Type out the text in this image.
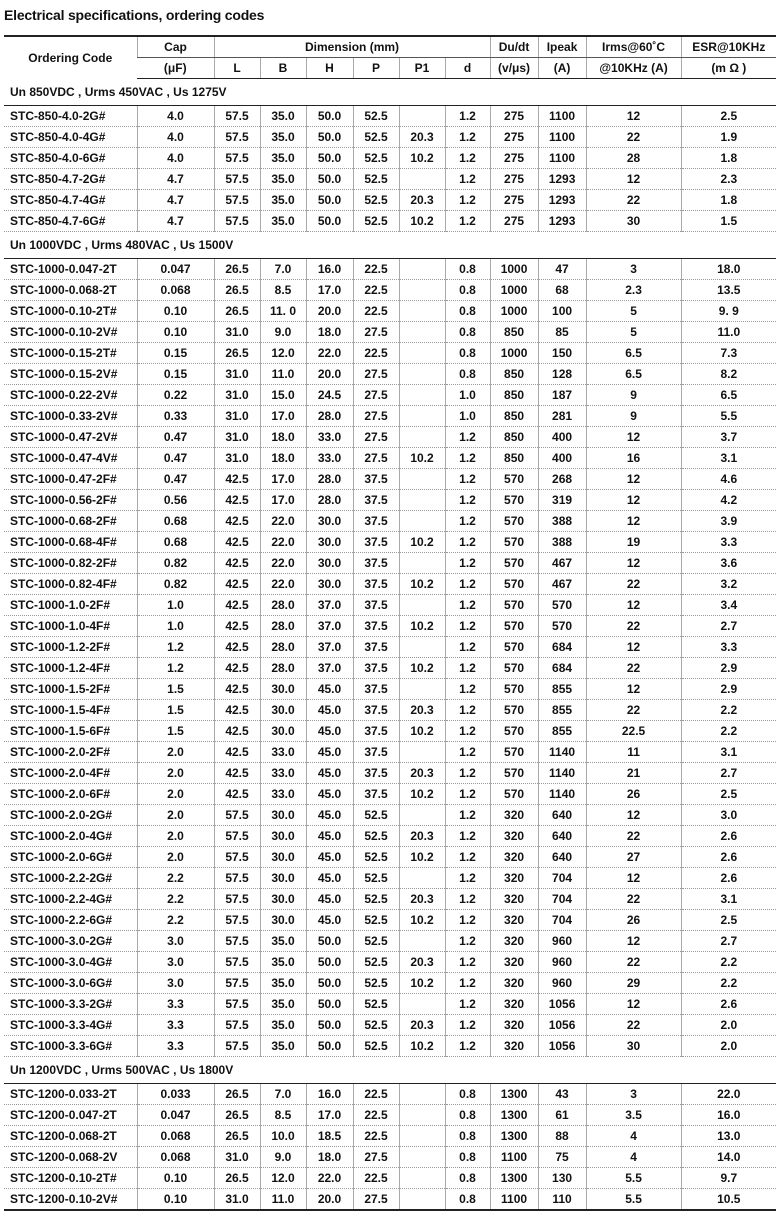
Electrical specifications, ordering codes
Ordering Code	Cap	Dimension (mm)						Du/dt	Ipeak	Irms@60˚C	ESR@10KHz
	(μF)	L	B	H	P	P1	d	(v/μs)	(A)	@10KHz (A)	(m Ω )
Un 850VDC , Urms 450VAC , Us 1275V											
STC-850-4.0-2G#	4.0	57.5	35.0	50.0	52.5		1.2	275	1100	12	2.5
STC-850-4.0-4G#	4.0	57.5	35.0	50.0	52.5	20.3	1.2	275	1100	22	1.9
STC-850-4.0-6G#	4.0	57.5	35.0	50.0	52.5	10.2	1.2	275	1100	28	1.8
STC-850-4.7-2G#	4.7	57.5	35.0	50.0	52.5		1.2	275	1293	12	2.3
STC-850-4.7-4G#	4.7	57.5	35.0	50.0	52.5	20.3	1.2	275	1293	22	1.8
STC-850-4.7-6G#	4.7	57.5	35.0	50.0	52.5	10.2	1.2	275	1293	30	1.5
Un 1000VDC , Urms 480VAC , Us 1500V											
STC-1000-0.047-2T	0.047	26.5	7.0	16.0	22.5		0.8	1000	47	3	18.0
STC-1000-0.068-2T	0.068	26.5	8.5	17.0	22.5		0.8	1000	68	2.3	13.5
STC-1000-0.10-2T#	0.10	26.5	11. 0	20.0	22.5		0.8	1000	100	5	9. 9
STC-1000-0.10-2V#	0.10	31.0	9.0	18.0	27.5		0.8	850	85	5	11.0
STC-1000-0.15-2T#	0.15	26.5	12.0	22.0	22.5		0.8	1000	150	6.5	7.3
STC-1000-0.15-2V#	0.15	31.0	11.0	20.0	27.5		0.8	850	128	6.5	8.2
STC-1000-0.22-2V#	0.22	31.0	15.0	24.5	27.5		1.0	850	187	9	6.5
STC-1000-0.33-2V#	0.33	31.0	17.0	28.0	27.5		1.0	850	281	9	5.5
STC-1000-0.47-2V#	0.47	31.0	18.0	33.0	27.5		1.2	850	400	12	3.7
STC-1000-0.47-4V#	0.47	31.0	18.0	33.0	27.5	10.2	1.2	850	400	16	3.1
STC-1000-0.47-2F#	0.47	42.5	17.0	28.0	37.5		1.2	570	268	12	4.6
STC-1000-0.56-2F#	0.56	42.5	17.0	28.0	37.5		1.2	570	319	12	4.2
STC-1000-0.68-2F#	0.68	42.5	22.0	30.0	37.5		1.2	570	388	12	3.9
STC-1000-0.68-4F#	0.68	42.5	22.0	30.0	37.5	10.2	1.2	570	388	19	3.3
STC-1000-0.82-2F#	0.82	42.5	22.0	30.0	37.5		1.2	570	467	12	3.6
STC-1000-0.82-4F#	0.82	42.5	22.0	30.0	37.5	10.2	1.2	570	467	22	3.2
STC-1000-1.0-2F#	1.0	42.5	28.0	37.0	37.5		1.2	570	570	12	3.4
STC-1000-1.0-4F#	1.0	42.5	28.0	37.0	37.5	10.2	1.2	570	570	22	2.7
STC-1000-1.2-2F#	1.2	42.5	28.0	37.0	37.5		1.2	570	684	12	3.3
STC-1000-1.2-4F#	1.2	42.5	28.0	37.0	37.5	10.2	1.2	570	684	22	2.9
STC-1000-1.5-2F#	1.5	42.5	30.0	45.0	37.5		1.2	570	855	12	2.9
STC-1000-1.5-4F#	1.5	42.5	30.0	45.0	37.5	20.3	1.2	570	855	22	2.2
STC-1000-1.5-6F#	1.5	42.5	30.0	45.0	37.5	10.2	1.2	570	855	22.5	2.2
STC-1000-2.0-2F#	2.0	42.5	33.0	45.0	37.5		1.2	570	1140	11	3.1
STC-1000-2.0-4F#	2.0	42.5	33.0	45.0	37.5	20.3	1.2	570	1140	21	2.7
STC-1000-2.0-6F#	2.0	42.5	33.0	45.0	37.5	10.2	1.2	570	1140	26	2.5
STC-1000-2.0-2G#	2.0	57.5	30.0	45.0	52.5		1.2	320	640	12	3.0
STC-1000-2.0-4G#	2.0	57.5	30.0	45.0	52.5	20.3	1.2	320	640	22	2.6
STC-1000-2.0-6G#	2.0	57.5	30.0	45.0	52.5	10.2	1.2	320	640	27	2.6
STC-1000-2.2-2G#	2.2	57.5	30.0	45.0	52.5		1.2	320	704	12	2.6
STC-1000-2.2-4G#	2.2	57.5	30.0	45.0	52.5	20.3	1.2	320	704	22	3.1
STC-1000-2.2-6G#	2.2	57.5	30.0	45.0	52.5	10.2	1.2	320	704	26	2.5
STC-1000-3.0-2G#	3.0	57.5	35.0	50.0	52.5		1.2	320	960	12	2.7
STC-1000-3.0-4G#	3.0	57.5	35.0	50.0	52.5	20.3	1.2	320	960	22	2.2
STC-1000-3.0-6G#	3.0	57.5	35.0	50.0	52.5	10.2	1.2	320	960	29	2.2
STC-1000-3.3-2G#	3.3	57.5	35.0	50.0	52.5		1.2	320	1056	12	2.6
STC-1000-3.3-4G#	3.3	57.5	35.0	50.0	52.5	20.3	1.2	320	1056	22	2.0
STC-1000-3.3-6G#	3.3	57.5	35.0	50.0	52.5	10.2	1.2	320	1056	30	2.0
Un 1200VDC , Urms 500VAC , Us 1800V											
STC-1200-0.033-2T	0.033	26.5	7.0	16.0	22.5		0.8	1300	43	3	22.0
STC-1200-0.047-2T	0.047	26.5	8.5	17.0	22.5		0.8	1300	61	3.5	16.0
STC-1200-0.068-2T	0.068	26.5	10.0	18.5	22.5		0.8	1300	88	4	13.0
STC-1200-0.068-2V	0.068	31.0	9.0	18.0	27.5		0.8	1100	75	4	14.0
STC-1200-0.10-2T#	0.10	26.5	12.0	22.0	22.5		0.8	1300	130	5.5	9.7
STC-1200-0.10-2V#	0.10	31.0	11.0	20.0	27.5		0.8	1100	110	5.5	10.5
